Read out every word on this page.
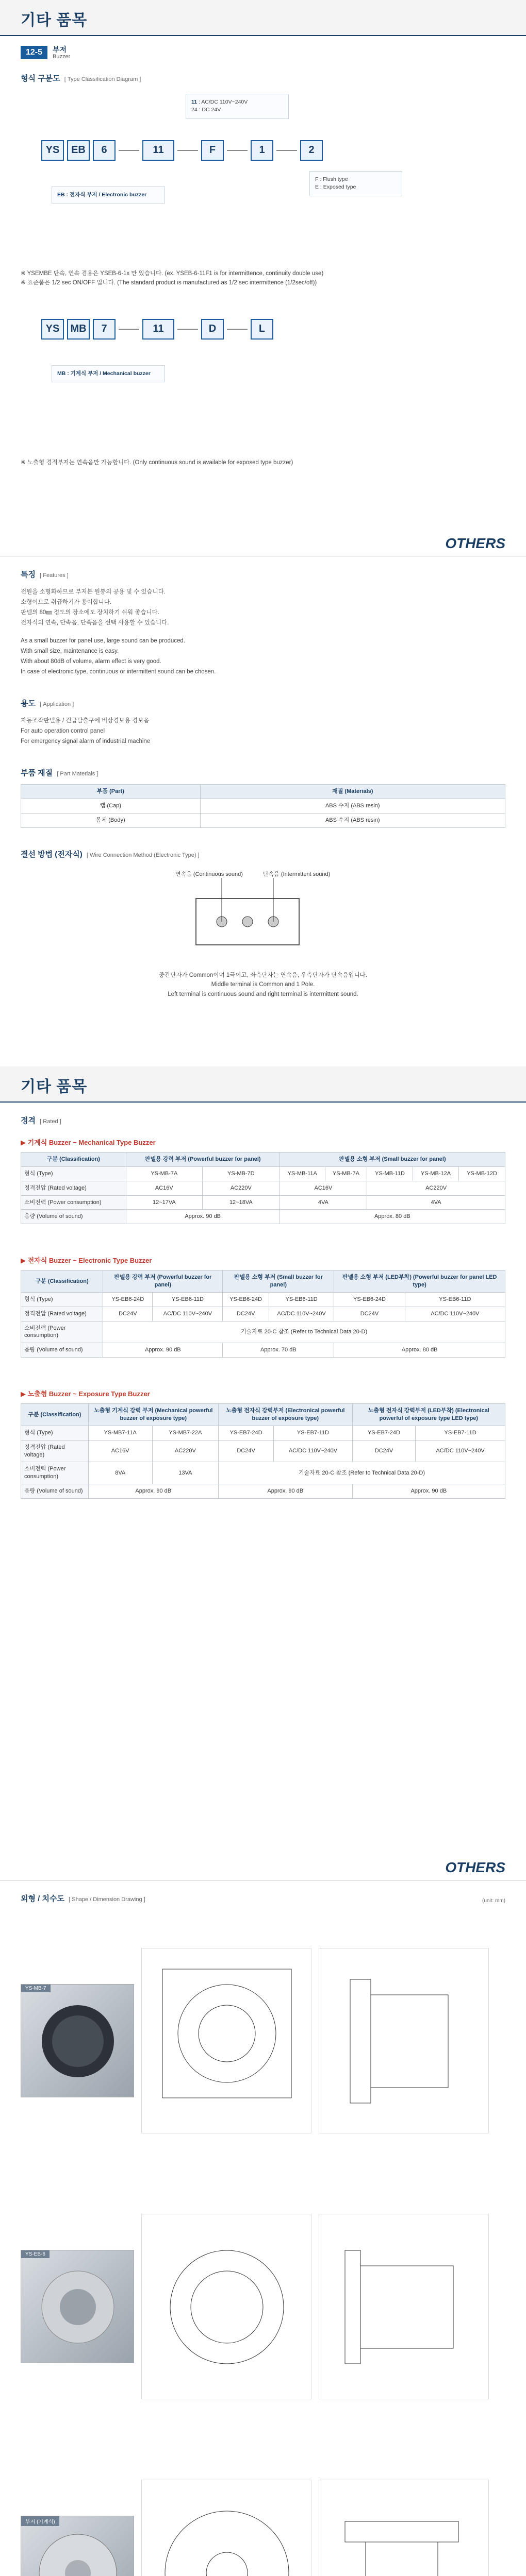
기타 품목
12-5	부저
Buzzer
형식 구분도 [ Type Classification Diagram ]
YS	EB	6	11	F	1	2
EB : 전자식 부저 / Electronic buzzer
11 : AC/DC 110V~240V
24 : DC 24V
F : Flush type
E : Exposed type

※ YSEMBE 단속, 연속 겸용은 YSEB-6-1x 만 있습니다. (ex. YSEB-6-11F1 is for intermittence, continuity double use)

※ 표준품은 1/2 sec ON/OFF 입니다. (The standard product is manufactured as 1/2 sec intermittence (1/2sec/off))

YS	MB	7	11	D	L
MB : 기계식 부저 / Mechanical buzzer
※ 노출형 경적부저는 연속음만 가능합니다. (Only continuous sound is available for exposed type buzzer)
OTHERS
특징 [ Features ]

전원을 소형화하므로 부저본 원통의 공용 및 수 있습니다.

소형이므로 취급하기가 용이합니다.

판넬의 80㎜ 정도의 장소에도 장치하기 쉬워 좋습니다.

전자식의 연속, 단속음, 단속음을 선택 사용할 수 있습니다.

As a small buzzer for panel use, large sound can be produced.

With small size, maintenance is easy.

With about 80dB of volume, alarm effect is very good.

In case of electronic type, continuous or intermittent sound can be chosen.

용도 [ Application ]

자동조작판넬용 / 긴급탈출구에 비상경보용 경보음

For auto operation control panel

For emergency signal alarm of industrial machine

부품 재질 [ Part Materials ]
부품 (Part)	재질 (Materials)
캡 (Cap)	ABS 수지 (ABS resin)
몸체 (Body)	ABS 수지 (ABS resin)
결선 방법 (전자식) [ Wire Connection Method (Electronic Type) ]
연속음 (Continuous sound)	단속음 (Intermittent sound)

중간단자가 Common이며 1극이고, 좌측단자는 연속음, 우측단자가 단속음입니다.

Middle terminal is Common and 1 Pole.

Left terminal is continuous sound and right terminal is intermittent sound.

기타 품목
정격 [ Rated ]
▶ 기계식 Buzzer ~ Mechanical Type Buzzer
구분 (Classification)	판넬용 강력 부저 (Powerful buzzer for panel)		판넬용 소형 부저 (Small buzzer for panel)				
형식 (Type)	YS-MB-7A	YS-MB-7D	YS-MB-11A	YS-MB-7A	YS-MB-11D	YS-MB-12A	YS-MB-12D
정격전압 (Rated voltage)	AC16V	AC220V	AC16V		AC220V		
소비전력 (Power consumption)	12~17VA	12~18VA	4VA		4VA		
음량 (Volume of sound)	Approx. 90 dB		Approx. 80 dB				
▶ 전자식 Buzzer ~ Electronic Type Buzzer
구분 (Classification)	판넬용 강력 부저 (Powerful buzzer for panel)		판넬용 소형 부저 (Small buzzer for panel)		판넬용 소형 부저 (LED부착) (Powerful buzzer for panel LED type)	
형식 (Type)	YS-EB6-24D	YS-EB6-11D	YS-EB6-24D	YS-EB6-11D	YS-EB6-24D	YS-EB6-11D
정격전압 (Rated voltage)	DC24V	AC/DC 110V~240V	DC24V	AC/DC 110V~240V	DC24V	AC/DC 110V~240V
소비전력 (Power consumption)	기술자료 20-C 참조 (Refer to Technical Data 20-D)					
음량 (Volume of sound)	Approx. 90 dB		Approx. 70 dB		Approx. 80 dB	
▶ 노출형 Buzzer ~ Exposure Type Buzzer
구분 (Classification)	노출형 기계식 강력 부저 (Mechanical powerful buzzer of exposure type)		노출형 전자식 강력부저 (Electronical powerful buzzer of exposure type)		노출형 전자식 강력부저 (LED부착) (Electronical powerful of exposure type LED type)	
형식 (Type)	YS-MB7-11A	YS-MB7-22A	YS-EB7-24D	YS-EB7-11D	YS-EB7-24D	YS-EB7-11D
정격전압 (Rated voltage)	AC16V	AC220V	DC24V	AC/DC 110V~240V	DC24V	AC/DC 110V~240V
소비전력 (Power consumption)	8VA	13VA	기술자료 20-C 참조 (Refer to Technical Data 20-D)			
음량 (Volume of sound)	Approx. 90 dB		Approx. 90 dB		Approx. 90 dB	
OTHERS
외형 / 치수도 [ Shape / Dimension Drawing ]	(unit: mm)
YS-MB-7
YS-EB-6
부저 (기계식)
